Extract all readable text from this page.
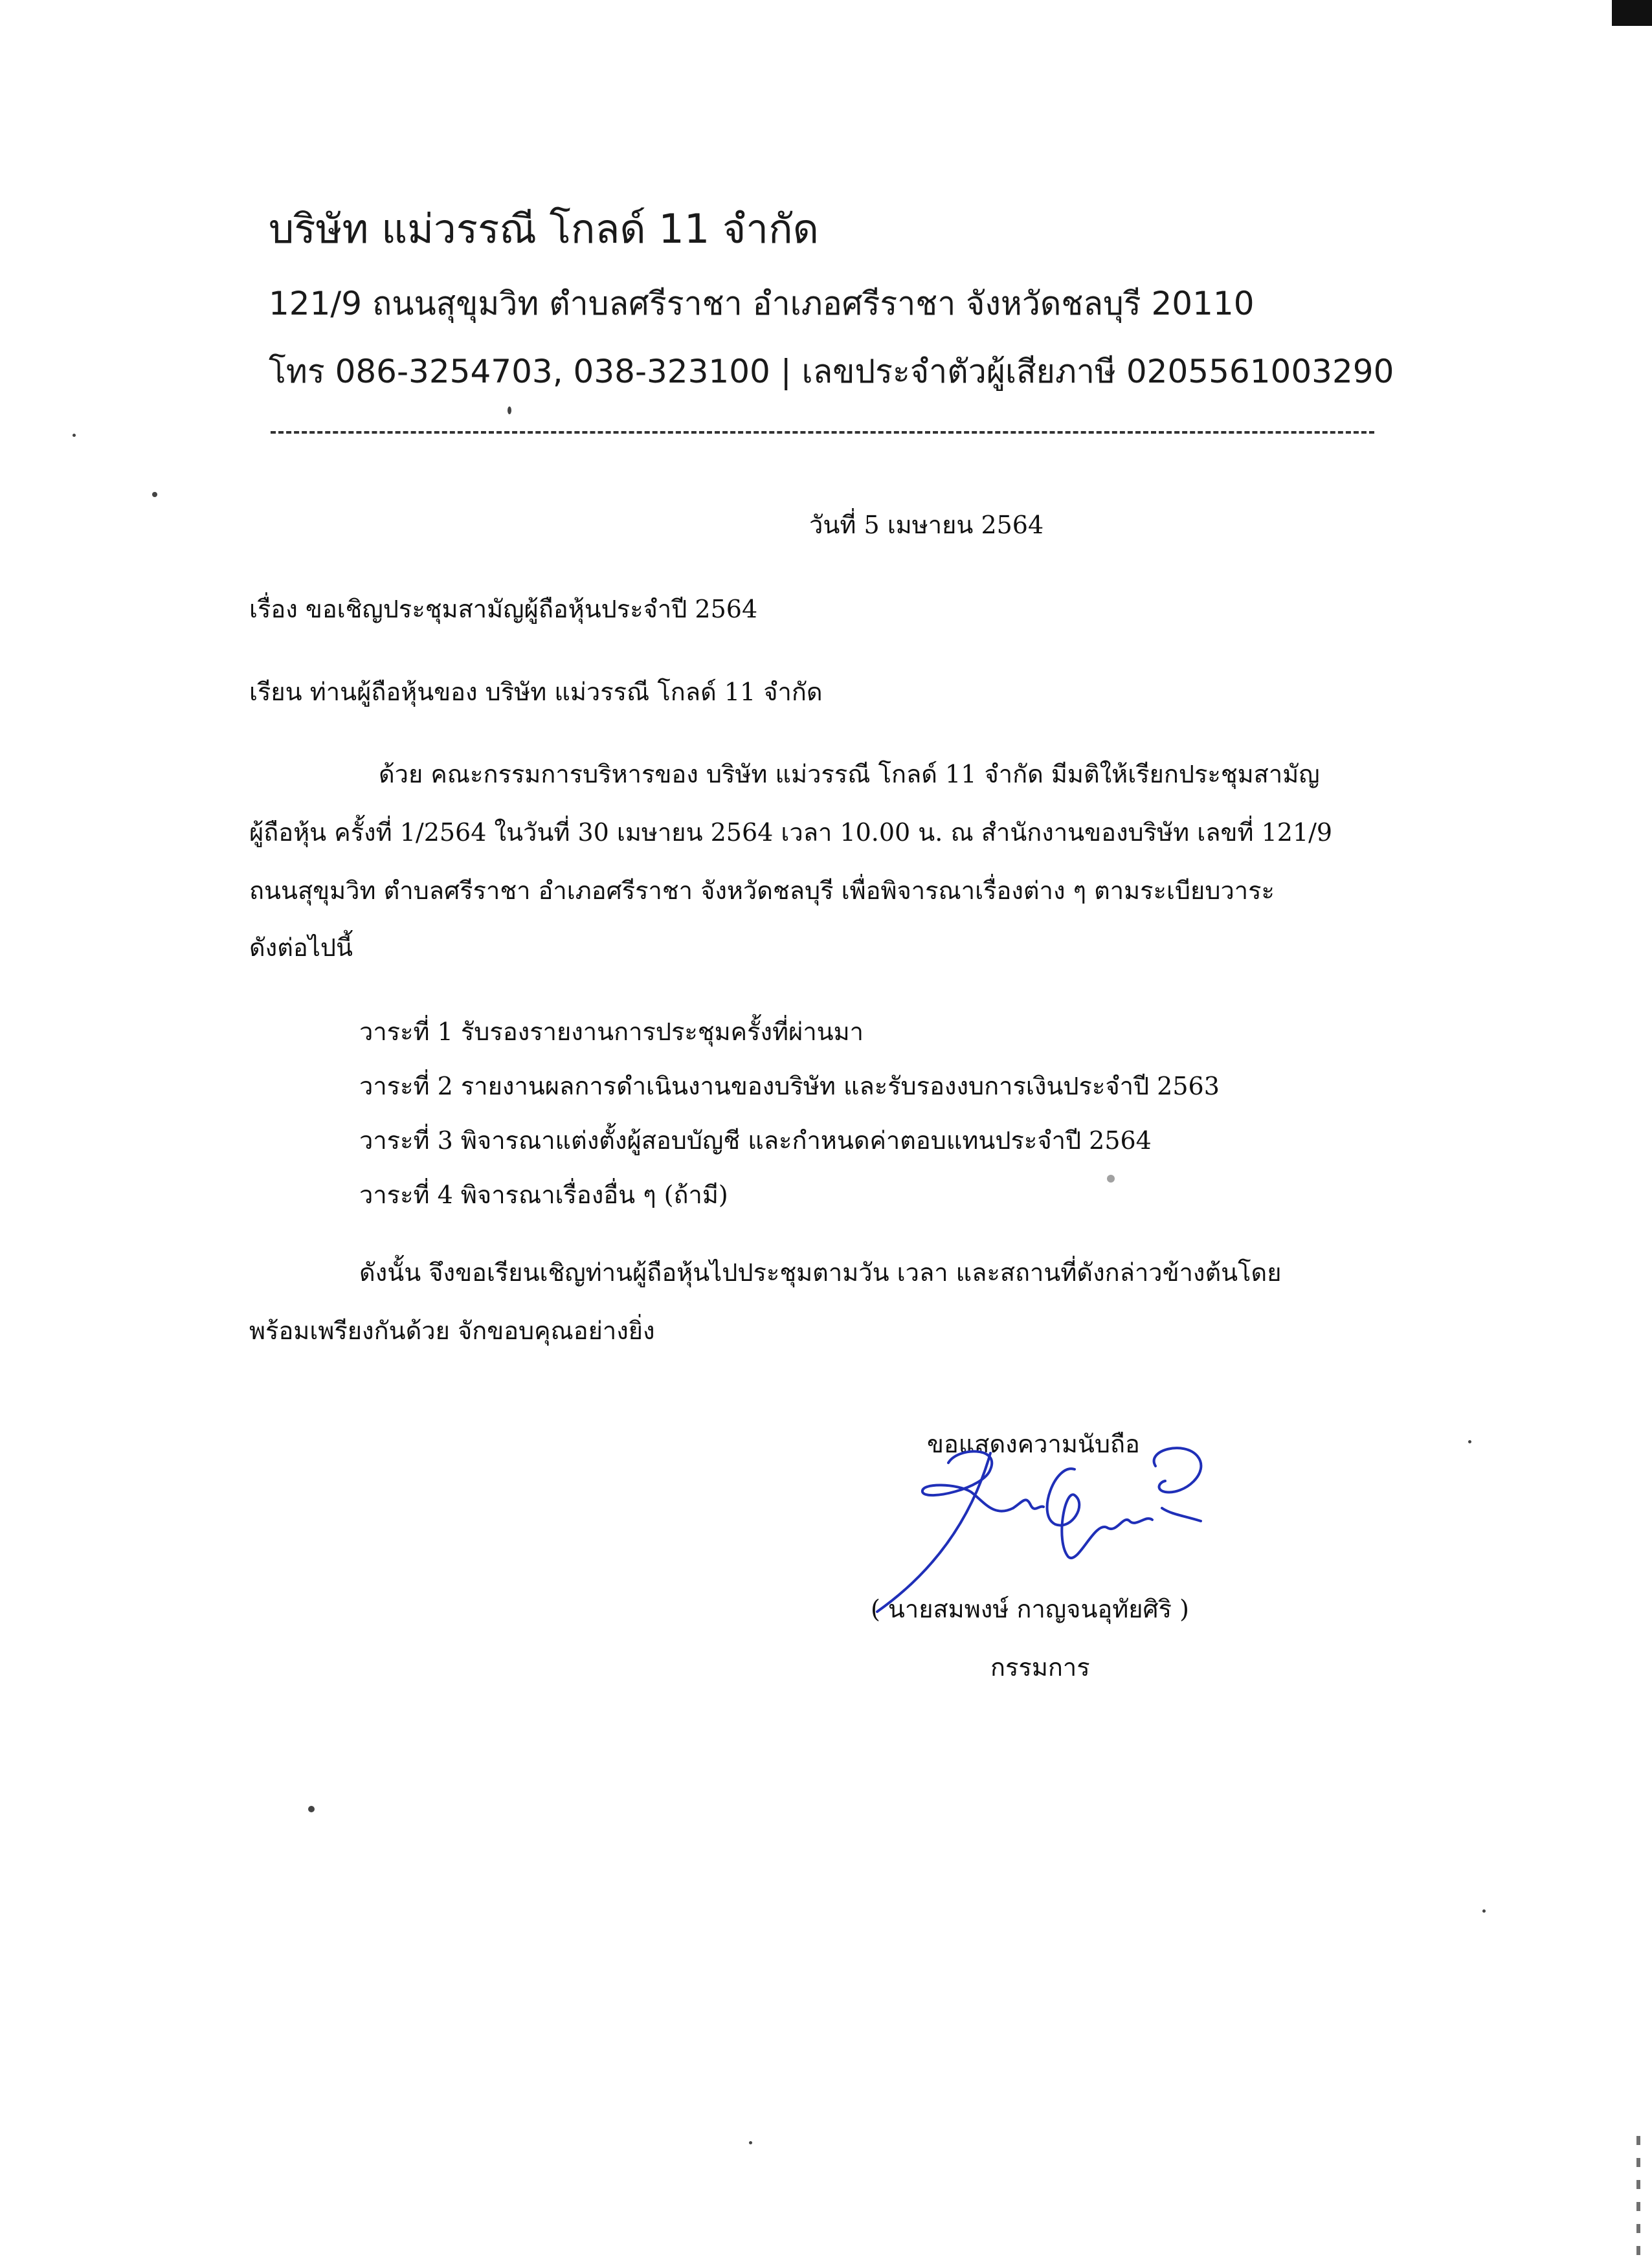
บริษัท แม่วรรณี โกลด์ 11 จำกัด
121/9 ถนนสุขุมวิท ตำบลศรีราชา อำเภอศรีราชา จังหวัดชลบุรี 20110
โทร 086-3254703, 038-323100 | เลขประจำตัวผู้เสียภาษี 0205561003290
วันที่ 5 เมษายน 2564
เรื่อง ขอเชิญประชุมสามัญผู้ถือหุ้นประจำปี 2564
เรียน ท่านผู้ถือหุ้นของ บริษัท แม่วรรณี โกลด์ 11 จำกัด
ด้วย คณะกรรมการบริหารของ บริษัท แม่วรรณี โกลด์ 11 จำกัด มีมติให้เรียกประชุมสามัญ
ผู้ถือหุ้น ครั้งที่ 1/2564 ในวันที่ 30 เมษายน 2564 เวลา 10.00 น. ณ สำนักงานของบริษัท เลขที่ 121/9
ถนนสุขุมวิท ตำบลศรีราชา อำเภอศรีราชา จังหวัดชลบุรี เพื่อพิจารณาเรื่องต่าง ๆ ตามระเบียบวาระ
ดังต่อไปนี้
วาระที่ 1 รับรองรายงานการประชุมครั้งที่ผ่านมา
วาระที่ 2 รายงานผลการดำเนินงานของบริษัท และรับรองงบการเงินประจำปี 2563
วาระที่ 3 พิจารณาแต่งตั้งผู้สอบบัญชี และกำหนดค่าตอบแทนประจำปี 2564
วาระที่ 4 พิจารณาเรื่องอื่น ๆ (ถ้ามี)
ดังนั้น จึงขอเรียนเชิญท่านผู้ถือหุ้นไปประชุมตามวัน เวลา และสถานที่ดังกล่าวข้างต้นโดย
พร้อมเพรียงกันด้วย จักขอบคุณอย่างยิ่ง
ขอแสดงความนับถือ
( นายสมพงษ์ กาญจนอุทัยศิริ )
กรรมการ
